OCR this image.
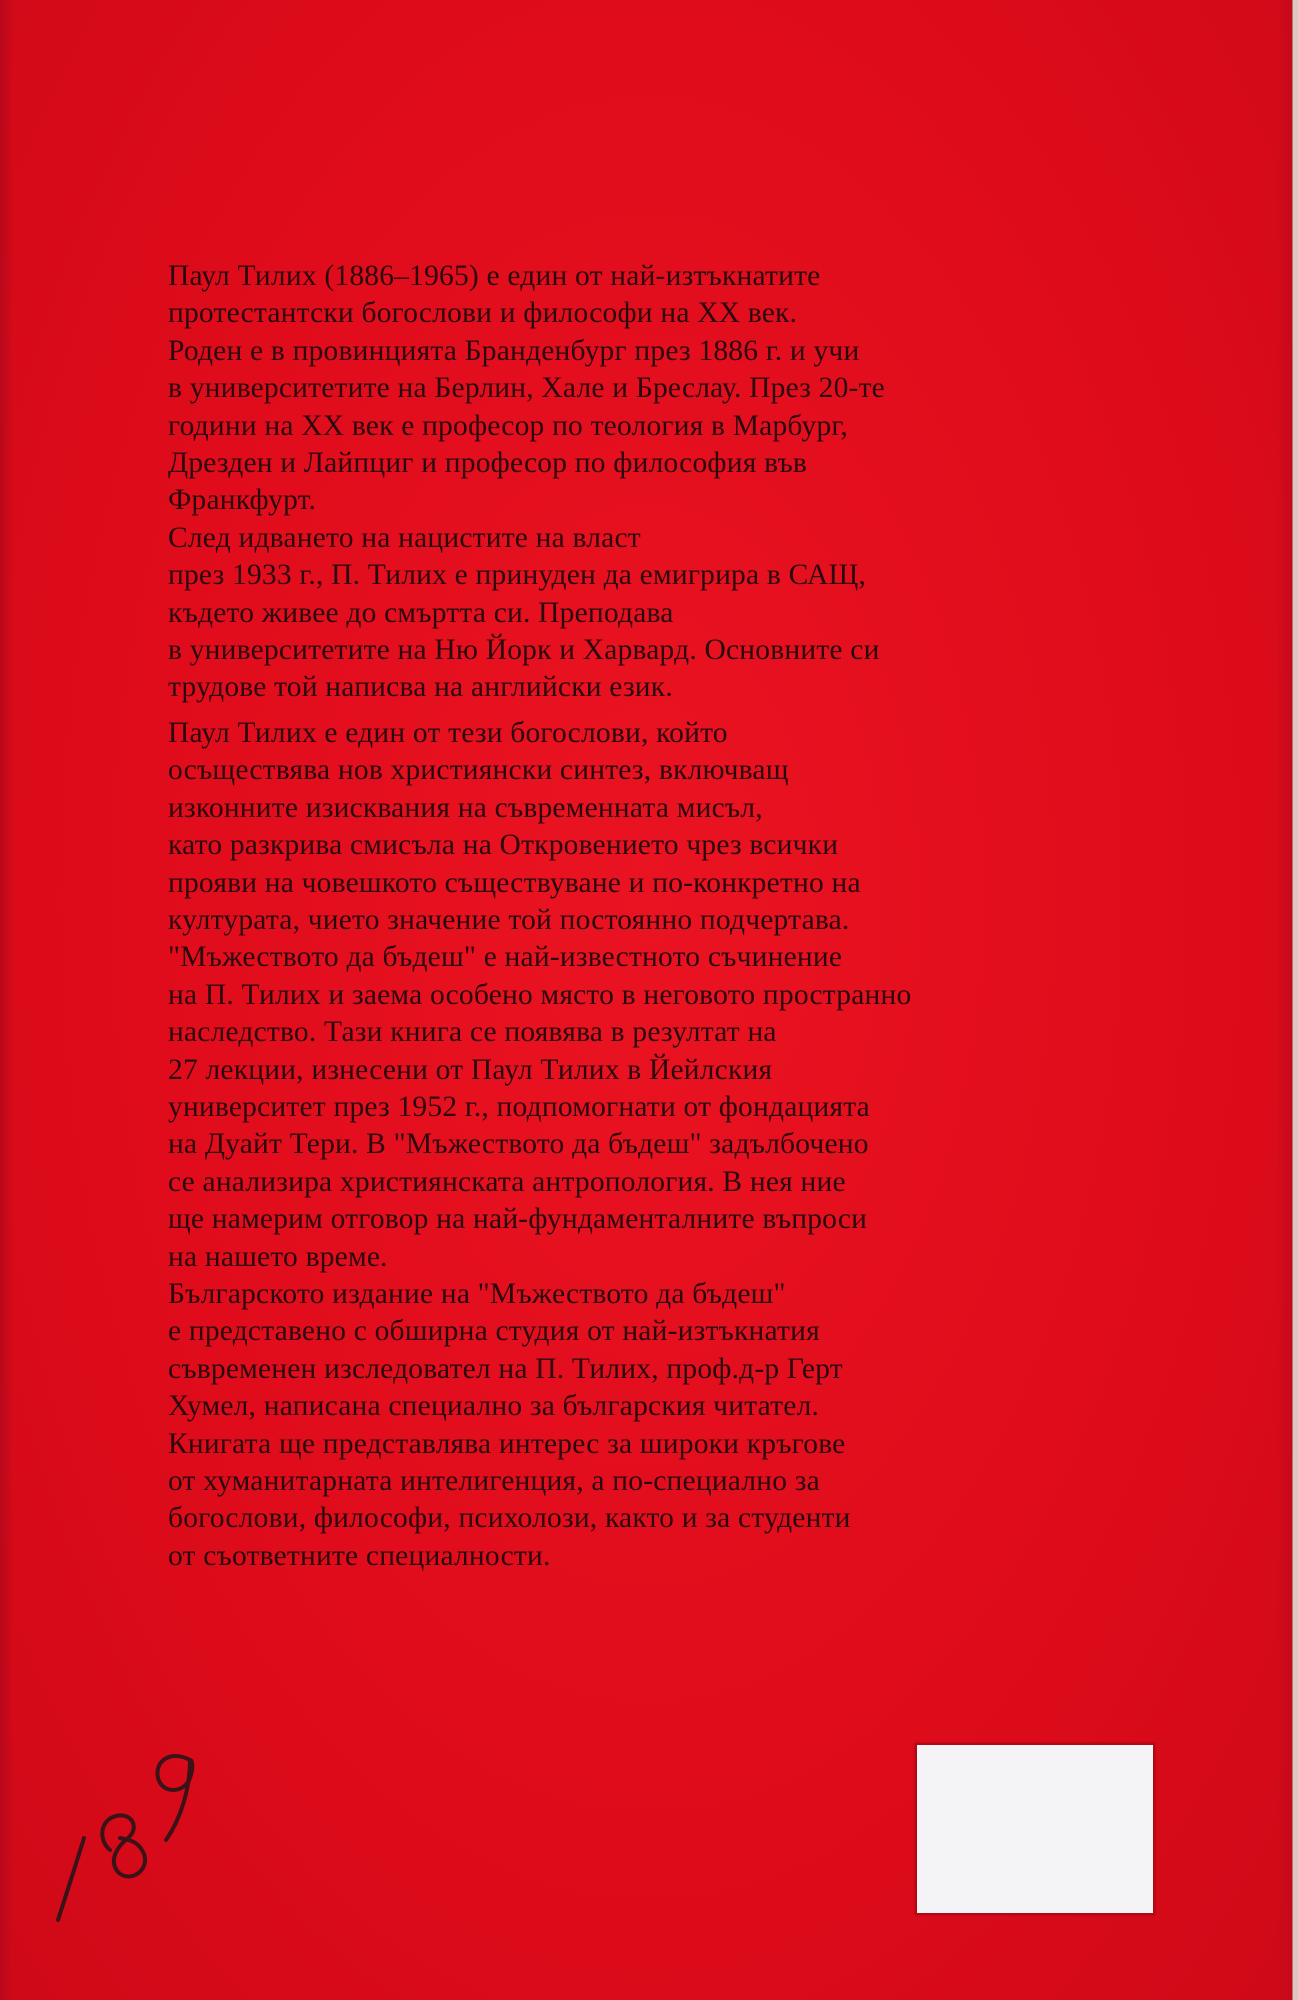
Паул Тилих (1886–1965) е един от най-изтъкнатите
протестантски богослови и философи на XX век.
Роден е в провинцията Бранденбург през 1886 г. и учи
в университетите на Берлин, Хале и Бреслау. През 20-те
години на XX век е професор по теология в Марбург,
Дрезден и Лайпциг и професор по философия във
Франкфурт.
След идването на нацистите на власт
през 1933 г., П. Тилих е принуден да емигрира в САЩ,
където живее до смъртта си. Преподава
в университетите на Ню Йорк и Харвард. Основните си
трудове той написва на английски език.
Паул Тилих е един от тези богослови, който
осъществява нов християнски синтез, включващ
изконните изисквания на съвременната мисъл,
като разкрива смисъла на Откровението чрез всички
прояви на човешкото съществуване и по-конкретно на
културата, чието значение той постоянно подчертава.
"Мъжеството да бъдеш" е най-известното съчинение
на П. Тилих и заема особено място в неговото пространно
наследство. Тази книга се появява в резултат на
27 лекции, изнесени от Паул Тилих в Йейлския
университет през 1952 г., подпомогнати от фондацията
на Дуайт Тери. В "Мъжеството да бъдеш" задълбочено
се анализира християнската антропология. В нея ние
ще намерим отговор на най-фундаменталните въпроси
на нашето време.
Българското издание на "Мъжеството да бъдеш"
е представено с обширна студия от най-изтъкнатия
съвременен изследовател на П. Тилих, проф.д-р Герт
Хумел, написана специално за българския читател.
Книгата ще представлява интерес за широки кръгове
от хуманитарната интелигенция, а по-специално за
богослови, философи, психолози, както и за студенти
от съответните специалности.
